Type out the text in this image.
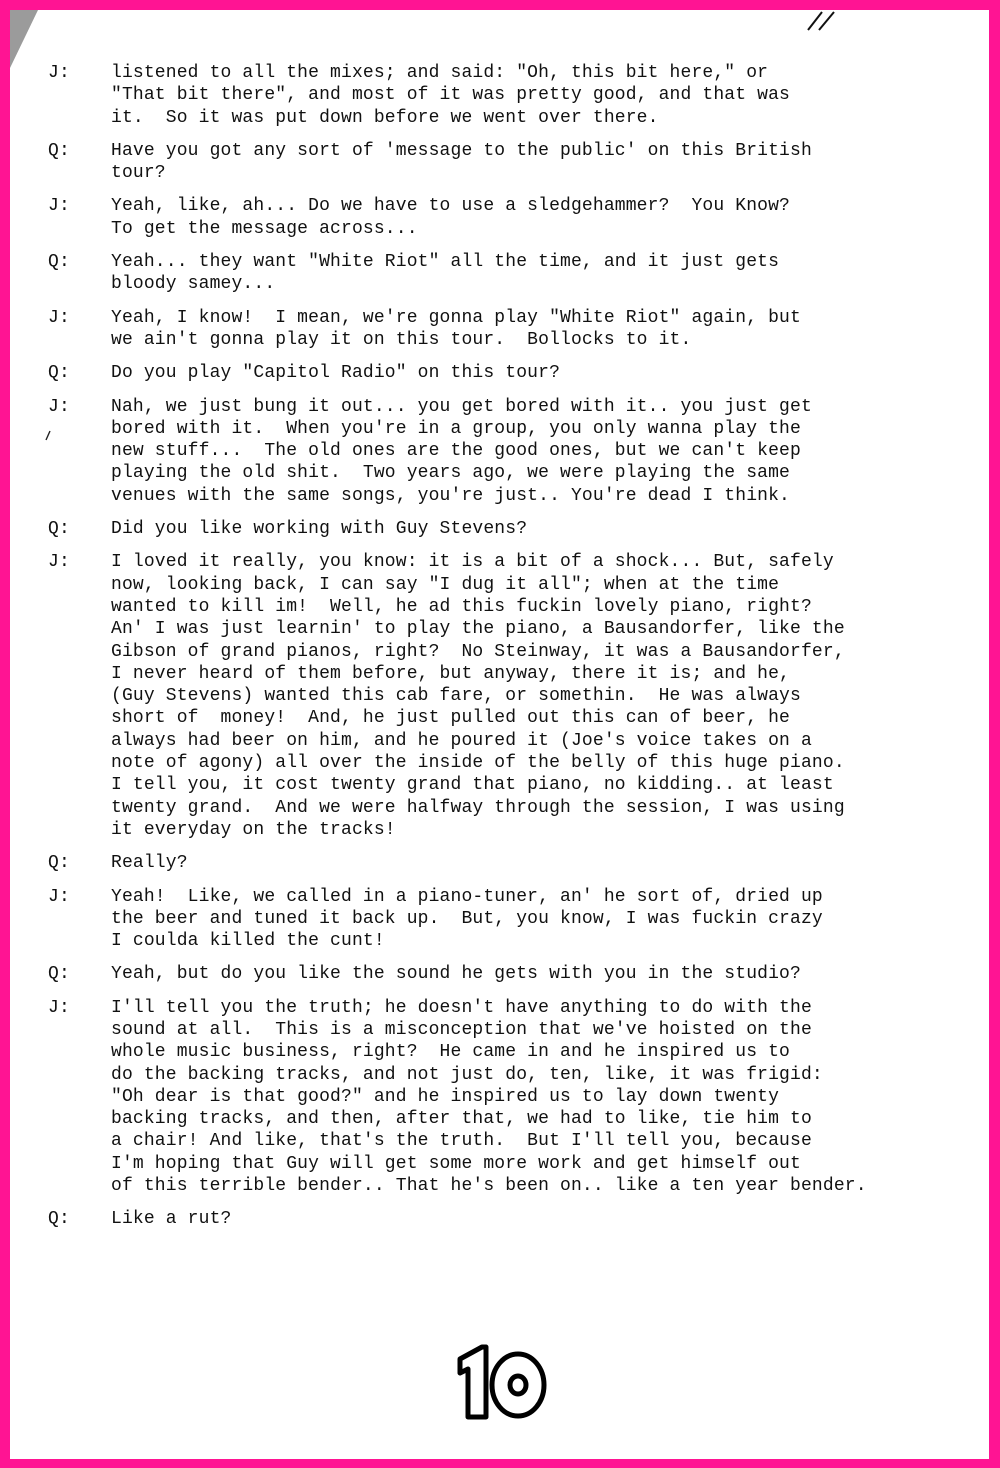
J:	listened to all the mixes; and said: "Oh, this bit here," or
"That bit there", and most of it was pretty good, and that was
it.  So it was put down before we went over there.
Q:	Have you got any sort of 'message to the public' on this British
tour?
J:	Yeah, like, ah... Do we have to use a sledgehammer?  You Know?
To get the message across...
Q:	Yeah... they want "White Riot" all the time, and it just gets
bloody samey...
J:	Yeah, I know!  I mean, we're gonna play "White Riot" again, but
we ain't gonna play it on this tour.  Bollocks to it.
Q:	Do you play "Capitol Radio" on this tour?
J:	Nah, we just bung it out... you get bored with it.. you just get
bored with it.  When you're in a group, you only wanna play the
new stuff...  The old ones are the good ones, but we can't keep
playing the old shit.  Two years ago, we were playing the same
venues with the same songs, you're just.. You're dead I think.
Q:	Did you like working with Guy Stevens?
J:	I loved it really, you know: it is a bit of a shock... But, safely
now, looking back, I can say "I dug it all"; when at the time
wanted to kill im!  Well, he ad this fuckin lovely piano, right?
An' I was just learnin' to play the piano, a Bausandorfer, like the
Gibson of grand pianos, right?  No Steinway, it was a Bausandorfer,
I never heard of them before, but anyway, there it is; and he,
(Guy Stevens) wanted this cab fare, or somethin.  He was always
short of  money!  And, he just pulled out this can of beer, he
always had beer on him, and he poured it (Joe's voice takes on a
note of agony) all over the inside of the belly of this huge piano.
I tell you, it cost twenty grand that piano, no kidding.. at least
twenty grand.  And we were halfway through the session, I was using
it everyday on the tracks!
Q:	Really?
J:	Yeah!  Like, we called in a piano-tuner, an' he sort of, dried up
the beer and tuned it back up.  But, you know, I was fuckin crazy
I coulda killed the cunt!
Q:	Yeah, but do you like the sound he gets with you in the studio?
J:	I'll tell you the truth; he doesn't have anything to do with the
sound at all.  This is a misconception that we've hoisted on the
whole music business, right?  He came in and he inspired us to
do the backing tracks, and not just do, ten, like, it was frigid:
"Oh dear is that good?" and he inspired us to lay down twenty
backing tracks, and then, after that, we had to like, tie him to
a chair! And like, that's the truth.  But I'll tell you, because
I'm hoping that Guy will get some more work and get himself out
of this terrible bender.. That he's been on.. like a ten year bender.
Q:	Like a rut?
